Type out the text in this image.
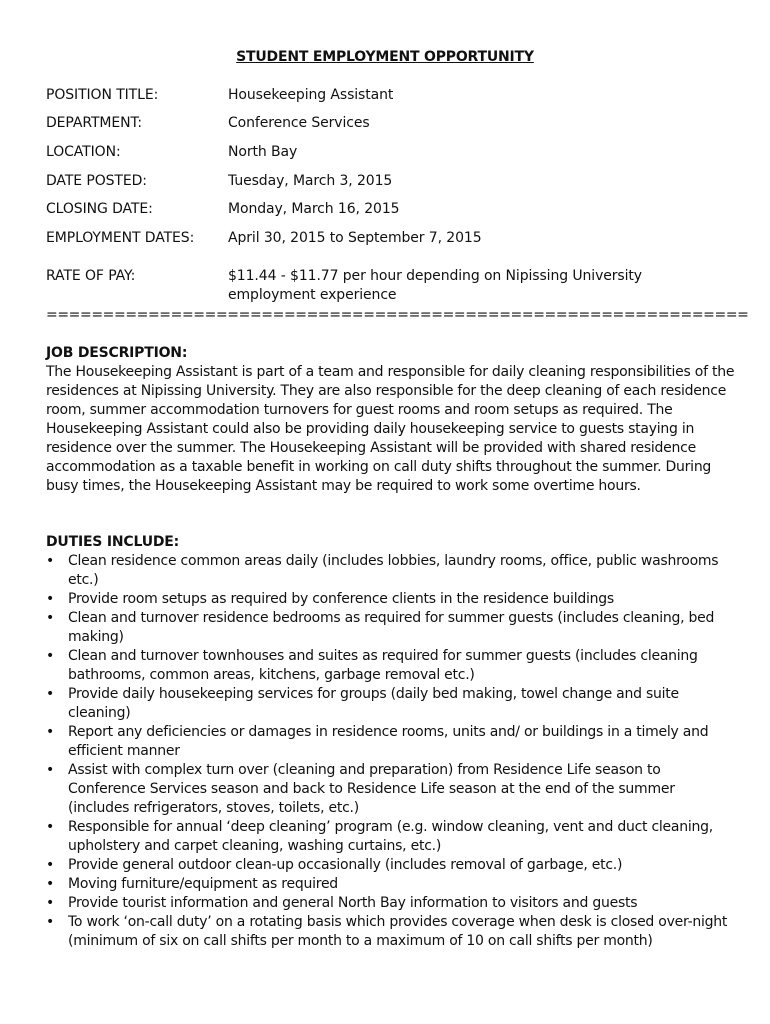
STUDENT EMPLOYMENT OPPORTUNITY
POSITION TITLE:	Housekeeping Assistant
DEPARTMENT:	Conference Services
LOCATION:	North Bay
DATE POSTED:	Tuesday, March 3, 2015
CLOSING DATE:	Monday, March 16, 2015
EMPLOYMENT DATES: April 30, 2015 to September 7, 2015
RATE OF PAY:	$11.44 - $11.77 per hour depending on Nipissing University employment experience
==============================================================
JOB DESCRIPTION:

The Housekeeping Assistant is part of a team and responsible for daily cleaning responsibilities of the residences at Nipissing University. They are also responsible for the deep cleaning of each residence room, summer accommodation turnovers for guest rooms and room setups as required. The Housekeeping Assistant could also be providing daily housekeeping service to guests staying in residence over the summer. The Housekeeping Assistant will be provided with shared residence accommodation as a taxable benefit in working on call duty shifts throughout the summer. During busy times, the Housekeeping Assistant may be required to work some overtime hours.

DUTIES INCLUDE:
• Clean residence common areas daily (includes lobbies, laundry rooms, office, public washrooms etc.)
• Provide room setups as required by conference clients in the residence buildings
• Clean and turnover residence bedrooms as required for summer guests (includes cleaning, bed making)
• Clean and turnover townhouses and suites as required for summer guests (includes cleaning bathrooms, common areas, kitchens, garbage removal etc.)
• Provide daily housekeeping services for groups (daily bed making, towel change and suite cleaning)
• Report any deficiencies or damages in residence rooms, units and/ or buildings in a timely and efficient manner
• Assist with complex turn over (cleaning and preparation) from Residence Life season to Conference Services season and back to Residence Life season at the end of the summer (includes refrigerators, stoves, toilets, etc.)
• Responsible for annual ‘deep cleaning’ program (e.g. window cleaning, vent and duct cleaning, upholstery and carpet cleaning, washing curtains, etc.)
• Provide general outdoor clean-up occasionally (includes removal of garbage, etc.)
• Moving furniture/equipment as required
• Provide tourist information and general North Bay information to visitors and guests
• To work ‘on-call duty’ on a rotating basis which provides coverage when desk is closed over-night (minimum of six on call shifts per month to a maximum of 10 on call shifts per month)
